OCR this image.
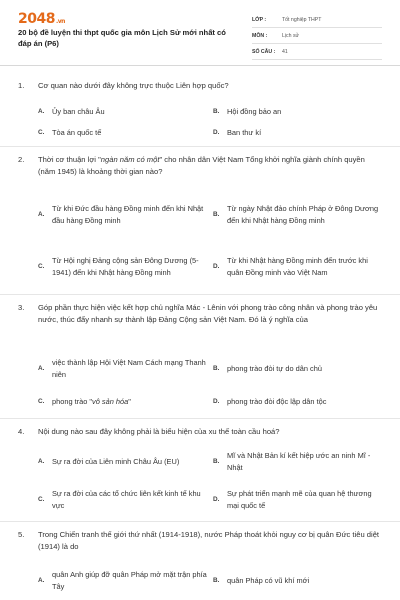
2048.vn
20 bộ đề luyện thi thpt quốc gia môn Lịch Sử mới nhất có đáp án (P6)
LỚP :	Tốt nghiệp THPT
MÔN :	Lịch sử
SỐ CÂU :	41
1.	Cơ quan nào dưới đây không trực thuộc Liên hợp quốc?
A.	Ủy ban châu Âu	B.	Hội đồng bảo an
C.	Tòa án quốc tế	D.	Ban thư kí
2.	Thời cơ thuận lợi "ngàn năm có một" cho nhân dân Việt Nam Tổng khởi nghĩa giành chính quyền (năm 1945) là khoảng thời gian nào?
A.
Từ khi Đức đầu hàng Đồng minh đến khi Nhật đầu hàng Đồng minh
B.
Từ ngày Nhật đảo chính Pháp ở Đông Dương đến khi Nhật hàng Đồng minh
C.
Từ Hội nghị Đảng cộng sản Đông Dương (5-1941) đến khi Nhật hàng Đồng minh
D.
Từ khi Nhật hàng Đồng minh đến trước khi quân Đồng minh vào Việt Nam
3.	Góp phần thực hiện việc kết hợp chủ nghĩa Mác - Lênin với phong trào công nhân và phong trào yêu nước, thúc đẩy nhanh sự thành lập Đảng Cộng sản Việt Nam. Đó là ý nghĩa của
A.
việc thành lập Hội Việt Nam Cách mạng Thanh niên
B.	phong trào đòi tự do dân chủ
C.	phong trào "vô sản hóa"	D.	phong trào đòi độc lập dân tộc
4.	Nội dung nào sau đây không phải là biểu hiện của xu thế toàn cầu hoá?
A.	Sự ra đời của Liên minh Châu Âu (EU)	B.
Mĩ và Nhật Bản kí kết hiệp ước an ninh Mĩ - Nhật
C.
Sự ra đời của các tổ chức liên kết kinh tế khu vực
D.
Sự phát triển mạnh mẽ của quan hệ thương mại quốc tế
5.	Trong Chiến tranh thế giới thứ nhất (1914-1918), nước Pháp thoát khỏi nguy cơ bị quân Đức tiêu diệt (1914) là do
A.
quân Anh giúp đỡ quân Pháp mở mặt trận phía Tây
B.	quân Pháp có vũ khí mới
